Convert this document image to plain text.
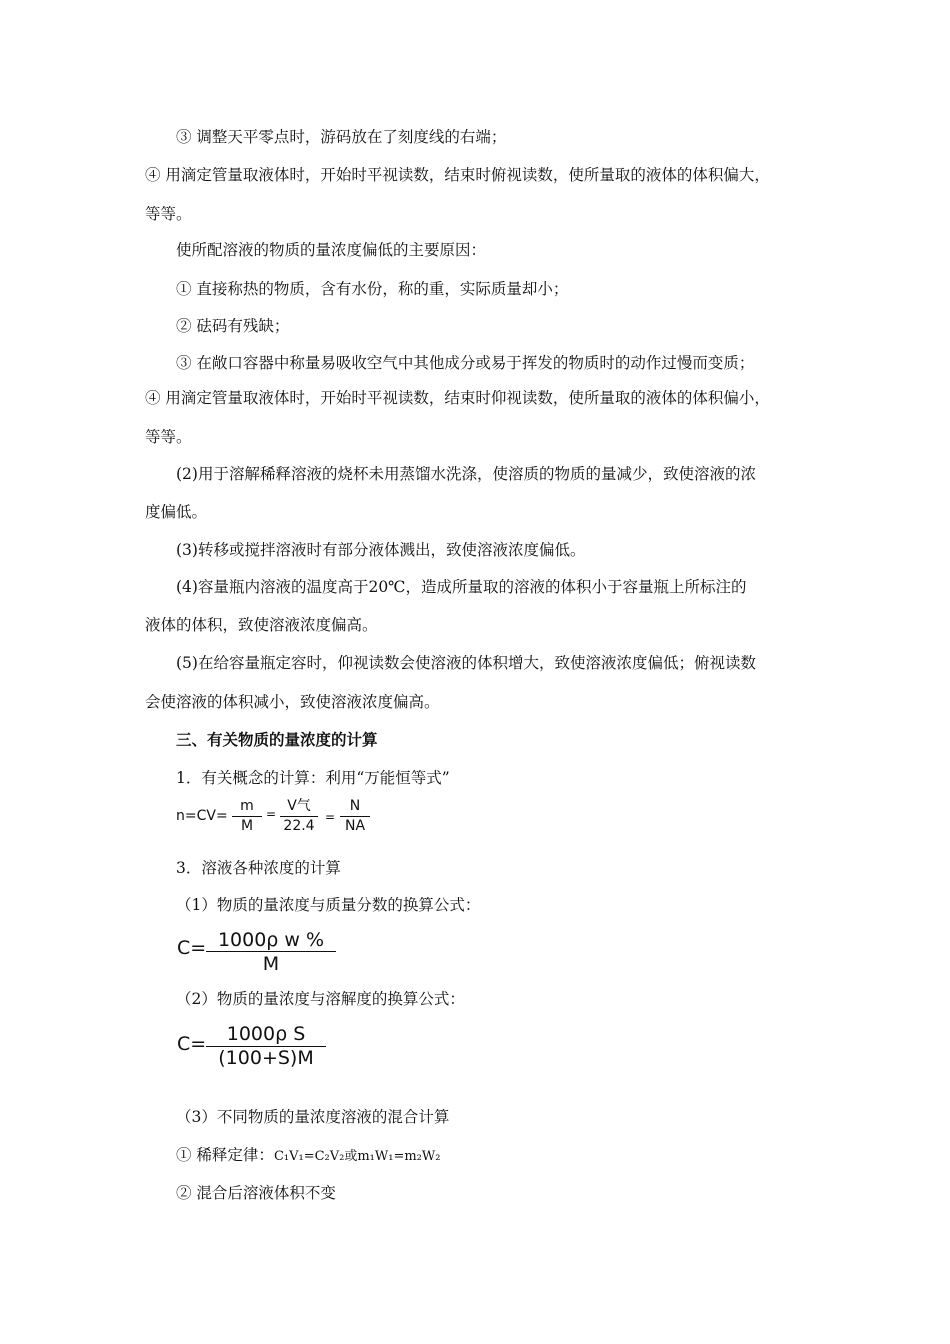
③ 调整天平零点时，游码放在了刻度线的右端；
④ 用滴定管量取液体时，开始时平视读数，结束时俯视读数，使所量取的液体的体积偏大，
等等。
使所配溶液的物质的量浓度偏低的主要原因：
① 直接称热的物质，含有水份，称的重，实际质量却小；
② 砝码有残缺；
③ 在敞口容器中称量易吸收空气中其他成分或易于挥发的物质时的动作过慢而变质；
④ 用滴定管量取液体时，开始时平视读数，结束时仰视读数，使所量取的液体的体积偏小，
等等。
(2)用于溶解稀释溶液的烧杯未用蒸馏水洗涤，使溶质的物质的量减少，致使溶液的浓
度偏低。
(3)转移或搅拌溶液时有部分液体溅出，致使溶液浓度偏低。
(4)容量瓶内溶液的温度高于20℃，造成所量取的溶液的体积小于容量瓶上所标注的
液体的体积，致使溶液浓度偏高。
(5)在给容量瓶定容时，仰视读数会使溶液的体积增大，致使溶液浓度偏低；俯视读数
会使溶液的体积减小，致使溶液浓度偏高。
三、有关物质的量浓度的计算
1．有关概念的计算：利用“万能恒等式”
n=CV=
m
M
= V气
22.4
=
N
NA
3．溶液各种浓度的计算
（1）物质的量浓度与质量分数的换算公式：
C= 1000ρ w %
M
（2）物质的量浓度与溶解度的换算公式：
C=	1000ρ S
(100+S)M
（3）不同物质的量浓度溶液的混合计算
① 稀释定律：C₁V₁=C₂V₂或m₁W₁=m₂W₂
② 混合后溶液体积不变
